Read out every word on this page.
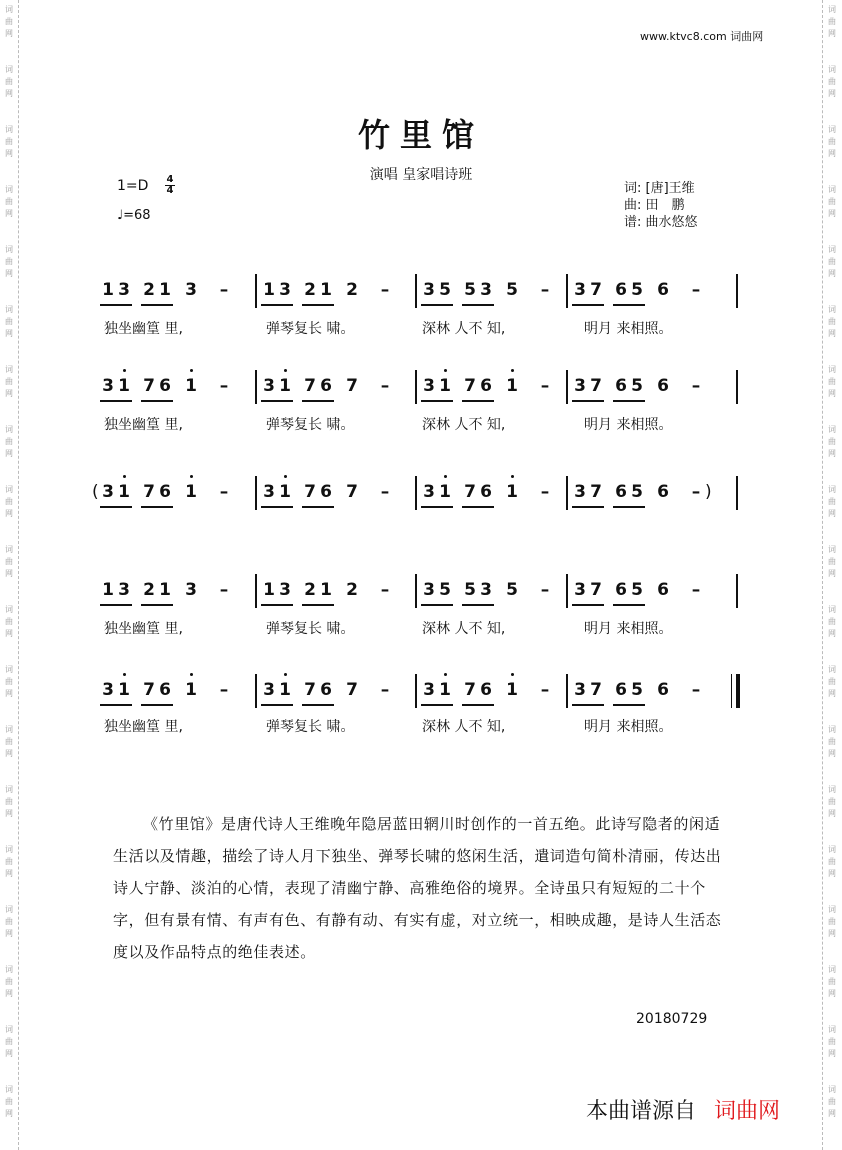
词曲网
词曲网
词曲网
词曲网
词曲网
词曲网
词曲网
词曲网
词曲网
词曲网
词曲网
词曲网
词曲网
词曲网
词曲网
词曲网
词曲网
词曲网
词曲网
词曲网
词曲网
词曲网
词曲网
词曲网
词曲网
词曲网
词曲网
词曲网
词曲网
词曲网
词曲网
词曲网
词曲网
词曲网
词曲网
词曲网
词曲网
词曲网
www.ktvc8.com 词曲网
竹里馆
演唱 皇家唱诗班
$1=D \frac{4}{4}$
♩=68
词: [唐]王维
曲: 田　鹏
谱: 曲水悠悠
1 3 2 1 3 – 1 3 2 1 2 – 3 5 5 3 5 – 3 7 6 5 6 –
独坐幽篁 里,	弹琴复长 啸。	深林 人不 知,	明月 来相照。
3 1 7 6 1 – 3 1 7 6 7 – 3 1 7 6 1 – 3 7 6 5 6 –
独坐幽篁 里,	弹琴复长 啸。	深林 人不 知,	明月 来相照。
( 3 1 7 6 1 – 3 1 7 6 7 – 3 1 7 6 1 – 3 7 6 5 6 – )
1 3 2 1 3 – 1 3 2 1 2 – 3 5 5 3 5 – 3 7 6 5 6 –
独坐幽篁 里,	弹琴复长 啸。	深林 人不 知,	明月 来相照。
3 1 7 6 1 – 3 1 7 6 7 – 3 1 7 6 1 – 3 7 6 5 6 –
独坐幽篁 里,	弹琴复长 啸。	深林 人不 知,	明月 来相照。
《竹里馆》是唐代诗人王维晚年隐居蓝田辋川时创作的一首五绝。此诗写隐者的闲适生活以及情趣，描绘了诗人月下独坐、弹琴长啸的悠闲生活，遣词造句简朴清丽，传达出诗人宁静、淡泊的心情，表现了清幽宁静、高雅绝俗的境界。全诗虽只有短短的二十个字，但有景有情、有声有色、有静有动、有实有虚，对立统一，相映成趣，是诗人生活态度以及作品特点的绝佳表述。
20180729
本曲谱源自 词曲网
